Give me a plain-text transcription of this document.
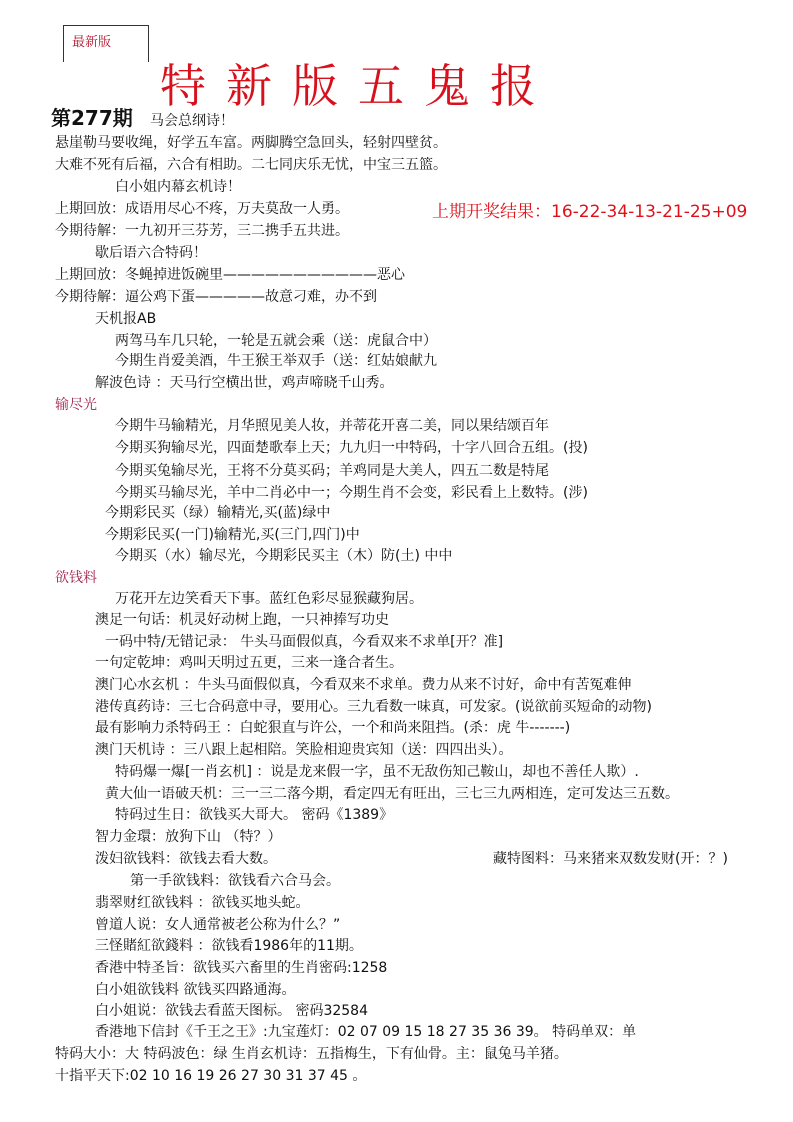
最新版
特新版五鬼报
第277期
上期开奖结果：16-22-34-13-21-25+09
马会总纲诗！
悬崖勒马要收绳，好学五车富。两脚腾空急回头，轻射四壁贫。
大难不死有后福，六合有相助。二七同庆乐无忧，中宝三五篮。
白小姐内幕玄机诗！
上期回放：成语用尽心不疼，万夫莫敌一人勇。
今期待解：一九初开三芬芳，三二携手五共进。
歇后语六合特码！
上期回放：冬蝇掉进饭碗里———————————恶心
今期待解：逼公鸡下蛋—————故意刁难，办不到
天机报AB
两驾马车几只轮，一轮是五就会乘（送：虎鼠合中）
今期生肖爱美酒，牛王猴王举双手（送：红姑娘献九
解波色诗 ：天马行空横出世，鸡声啼晓千山秀。
输尽光
今期牛马输精光，月华照见美人妆，并蒂花开喜二美，同以果结颂百年
今期买狗输尽光，四面楚歌奉上天；九九归一中特码，十字八回合五组。(投)
今期买兔输尽光，王将不分莫买码；羊鸡同是大美人，四五二数是特尾
今期买马输尽光，羊中二肖必中一；今期生肖不会变，彩民看上上数特。(涉)
今期彩民买（绿）输精光,买(蓝)绿中
今期彩民买(一门)输精光,买(三门,四门)中
今期买（水）输尽光，今期彩民买主（木）防(土) 中中
欲钱料
万花开左边笑看天下事。蓝红色彩尽显猴藏狗居。
澳足一句话：机灵好动树上跑，一只神捧写功史
一码中特/无错记录： 牛头马面假似真，今看双来不求单[开？准]
一句定乾坤：鸡叫天明过五更，三来一逢合者生。
澳门心水玄机 ：牛头马面假似真，今看双来不求单。费力从来不讨好，命中有苦冤难伸
港传真药诗：三七合码意中寻，要用心。三九看数一味真，可发家。(说欲前买短命的动物)
最有影响力杀特码王 ：白蛇狠直与许公，一个和尚来阻挡。(杀：虎 牛-------)
澳门天机诗 ：三八跟上起相陪。笑脸相迎贵宾知（送：四四出头）。
特码爆一爆[一肖玄机] ：说是龙来假一字，虽不无敌伤知己鞍山，却也不善任人欺）.
黄大仙一语破天机：三一三二落今期，看定四无有旺出，三七三九两相连，定可发达三五数。
特码过生日：欲钱买大哥大。 密码《1389》
智力金環：放狗下山 （特？）
泼妇欲钱料：欲钱去看大数。	藏特图料：马来猪来双数发财(开：？)
第一手欲钱料：欲钱看六合马会。
翡翠财红欲钱料 ：欲钱买地头蛇。
曾道人说：女人通常被老公称为什么？”
三怪賭紅欲錢料 ：欲钱看1986年的11期。
香港中特圣旨：欲钱买六畜里的生肖密码:1258
白小姐欲钱料 欲钱买四路通海。
白小姐说：欲钱去看蓝天图标。 密码32584
香港地下信封《千王之王》:九宝莲灯：02 07 09 15 18 27 35 36 39。 特码单双：单
特码大小：大 特码波色：绿 生肖玄机诗：五指梅生，下有仙骨。主：鼠兔马羊猪。
十指平天下:02 10 16 19 26 27 30 31 37 45 。
